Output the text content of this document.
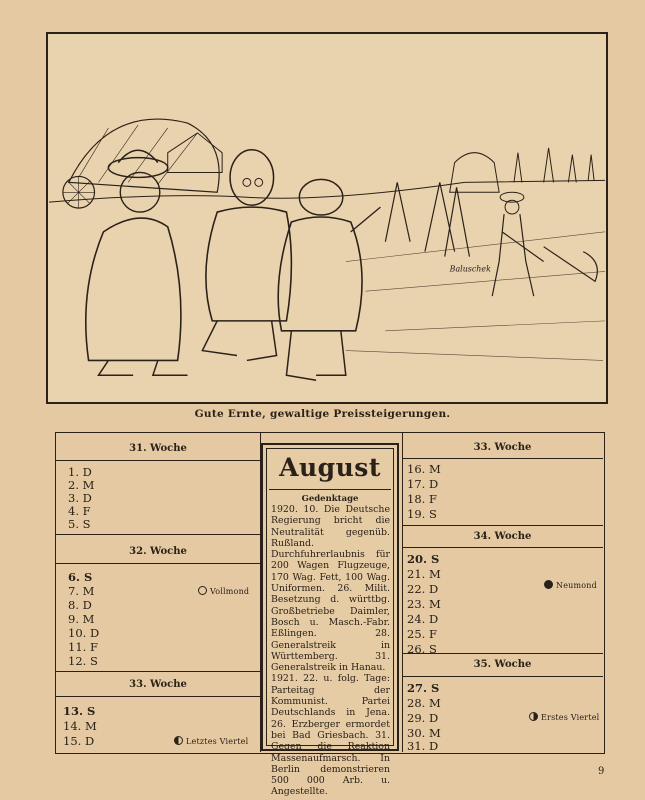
Baluschek
Gute Ernte, gewaltige Preissteigerungen.
31. Woche
1. D
2. M
3. D
4. F
5. S
32. Woche
6. S
7. M
8. D
9. M
10. D
11. F
12. S
Vollmond
33. Woche
13. S
14. M
15. D	Letztes Viertel
33. Woche
16. M
17. D
18. F
19. S
34. Woche
20. S
21. M
22. D
23. M
24. D
25. F
26. S
Neumond
35. Woche
27. S
28. M
29. D
30. M
31. D
Erstes Viertel
August
Gedenktage

1920. 10. Die Deutsche Regierung bricht die Neutralität gegenüb. Rußland. Durchfuhrerlaubnis für 200 Wagen Flugzeuge, 170 Wag. Fett, 100 Wag. Uniformen. 26. Milit. Besetzung d. württbg. Großbetriebe Daimler, Bosch u. Masch.-Fabr. Eßlingen. 28. Generalstreik in Württemberg. 31. Generalstreik in Hanau.

1921. 22. u. folg. Tage: Parteitag der Kommunist. Partei Deutschlands in Jena. 26. Erzberger ermordet bei Bad Griesbach. 31. Gegen die Reaktion Massenaufmarsch. In Berlin demonstrieren 500 000 Arb. u. Angestellte.

9
